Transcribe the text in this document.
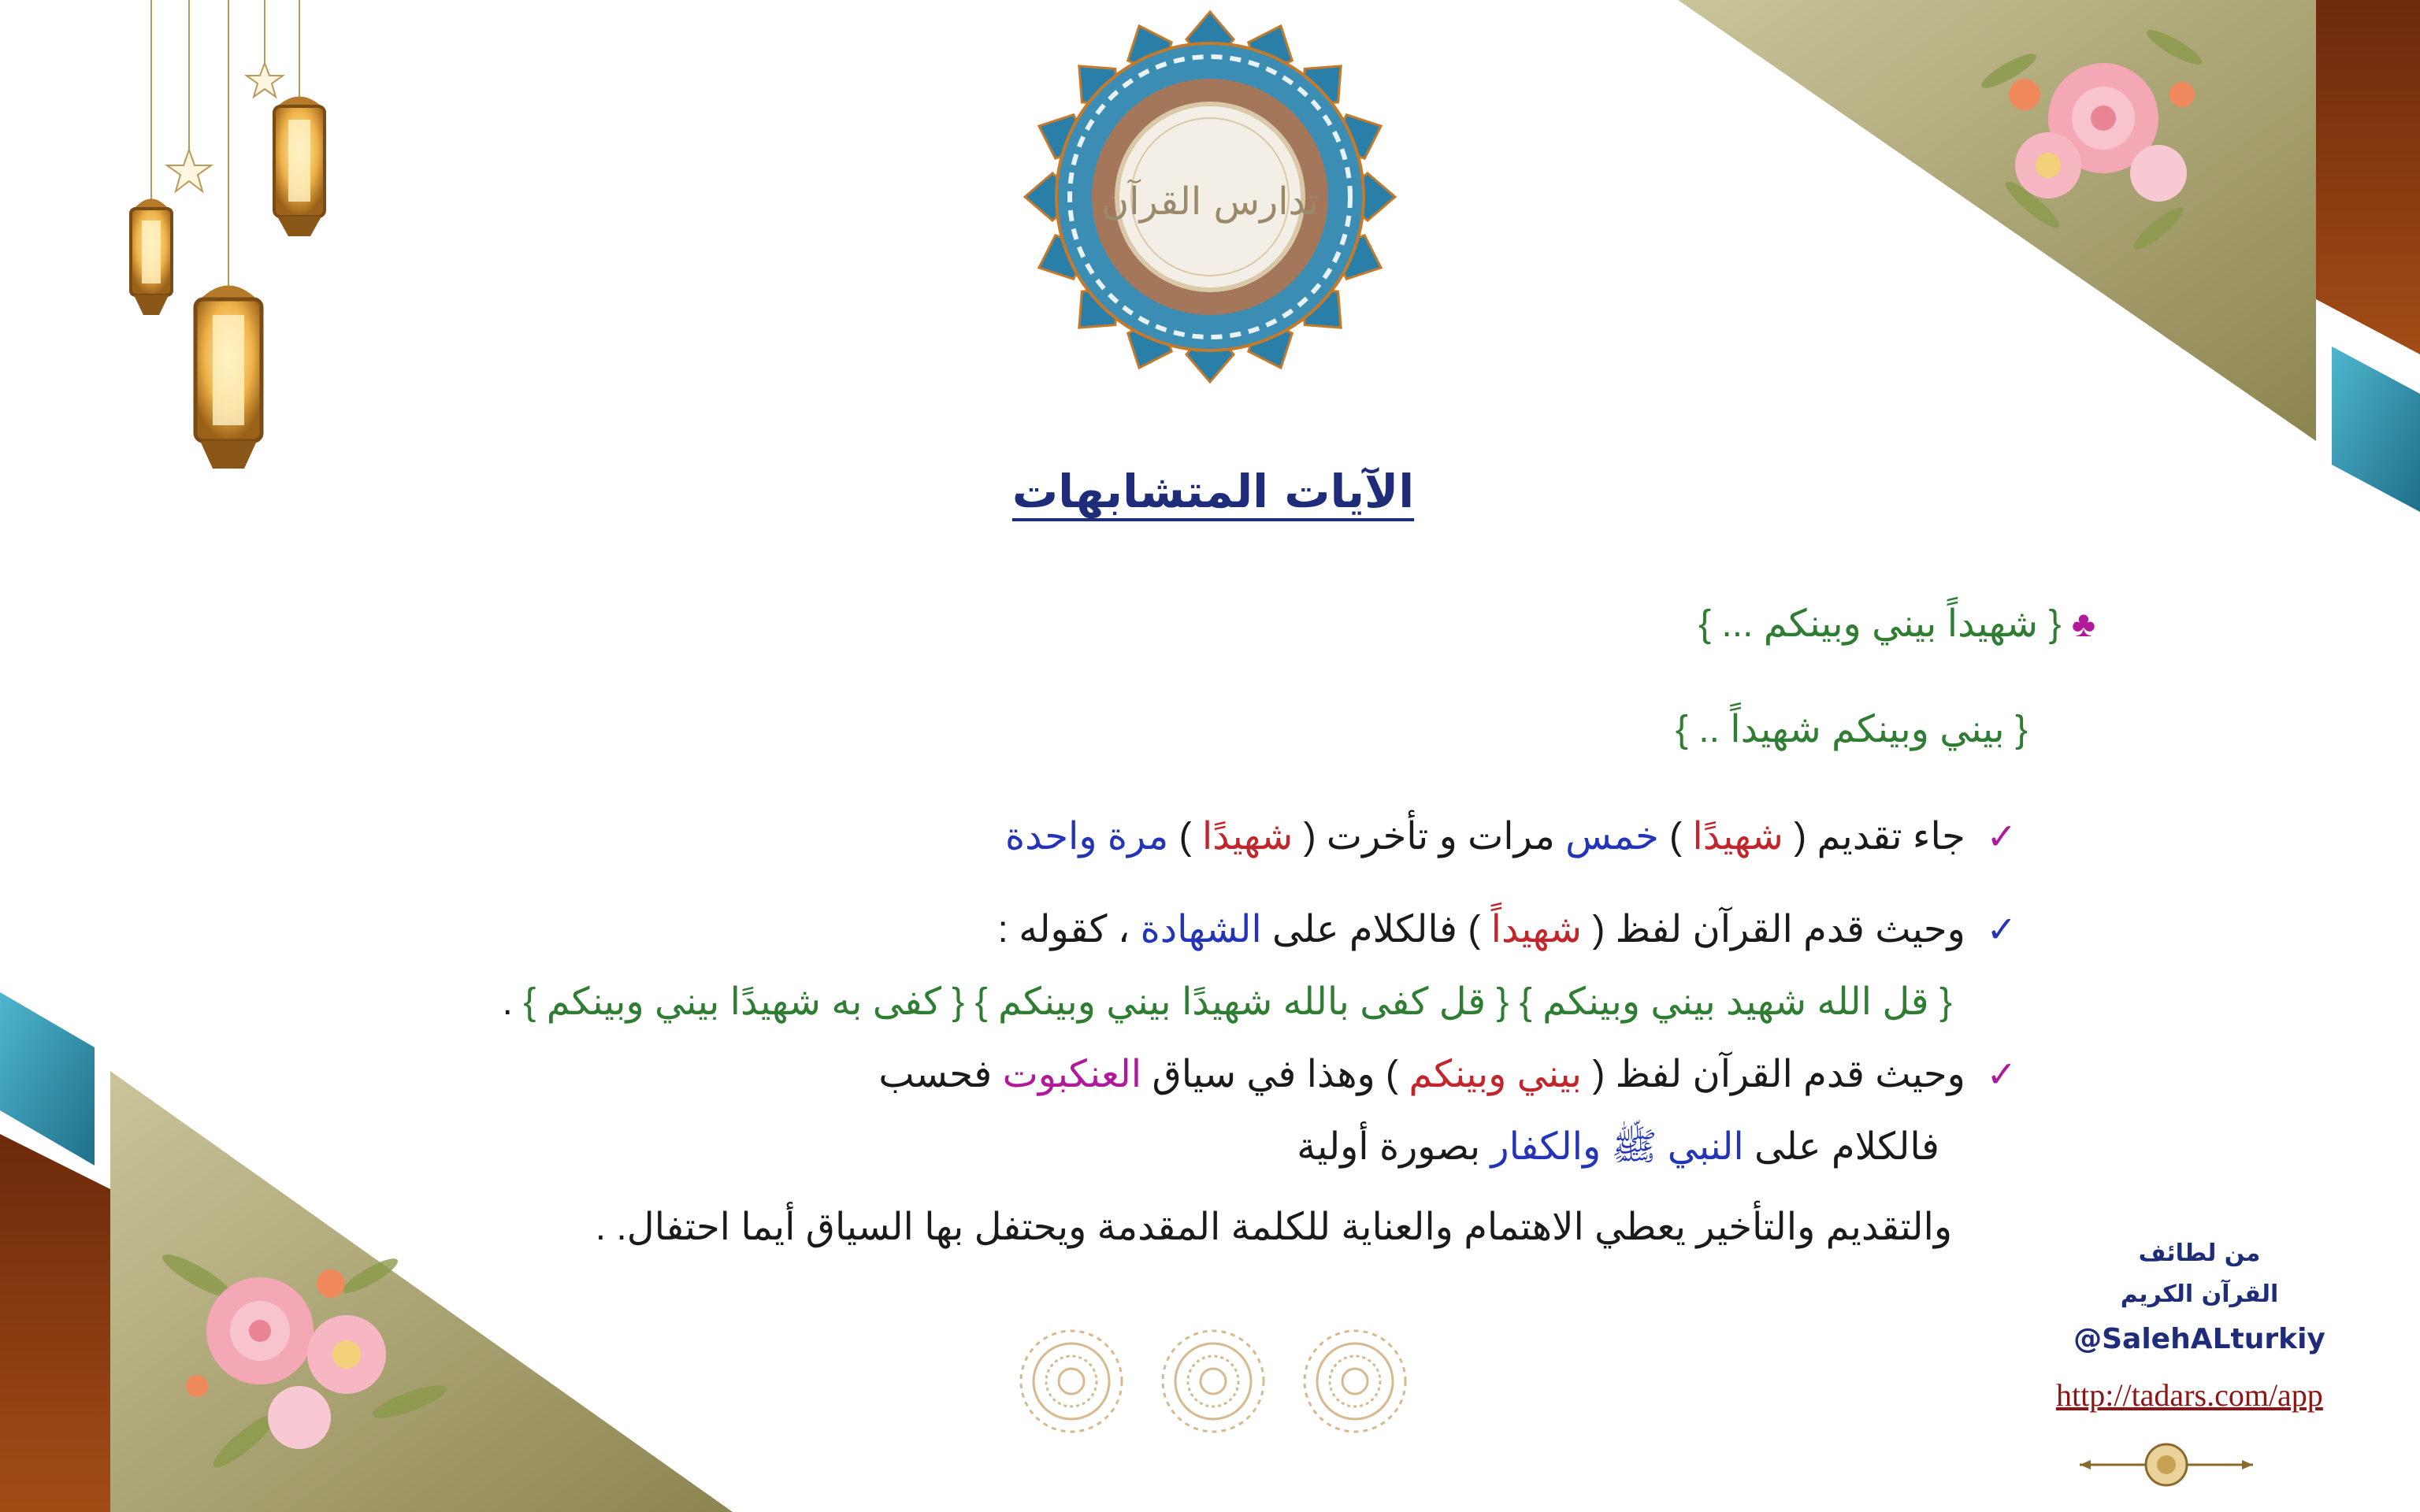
تدارس القرآن
الآيات المتشابهات
♣ { شهيداً بيني وبينكم ... }
{ بيني وبينكم شهيداً .. }
✓  جاء تقديم ( شهيدًا ) خمس مرات و تأخرت ( شهيدًا ) مرة واحدة
✓  وحيث قدم القرآن لفظ ( شهيداً ) فالكلام على الشهادة ، كقوله :
{ قل الله شهيد بيني وبينكم } { قل كفى بالله شهيدًا بيني وبينكم } { كفى به شهيدًا بيني وبينكم } .
✓  وحيث قدم القرآن لفظ ( بيني وبينكم ) وهذا في سياق العنكبوت فحسب
فالكلام على النبي ﷺ والكفار بصورة أولية
والتقديم والتأخير يعطي الاهتمام والعناية للكلمة المقدمة ويحتفل بها السياق أيما احتفال. .
من لطائف
القرآن الكريم
@SalehALturkiy
http://tadars.com/app
